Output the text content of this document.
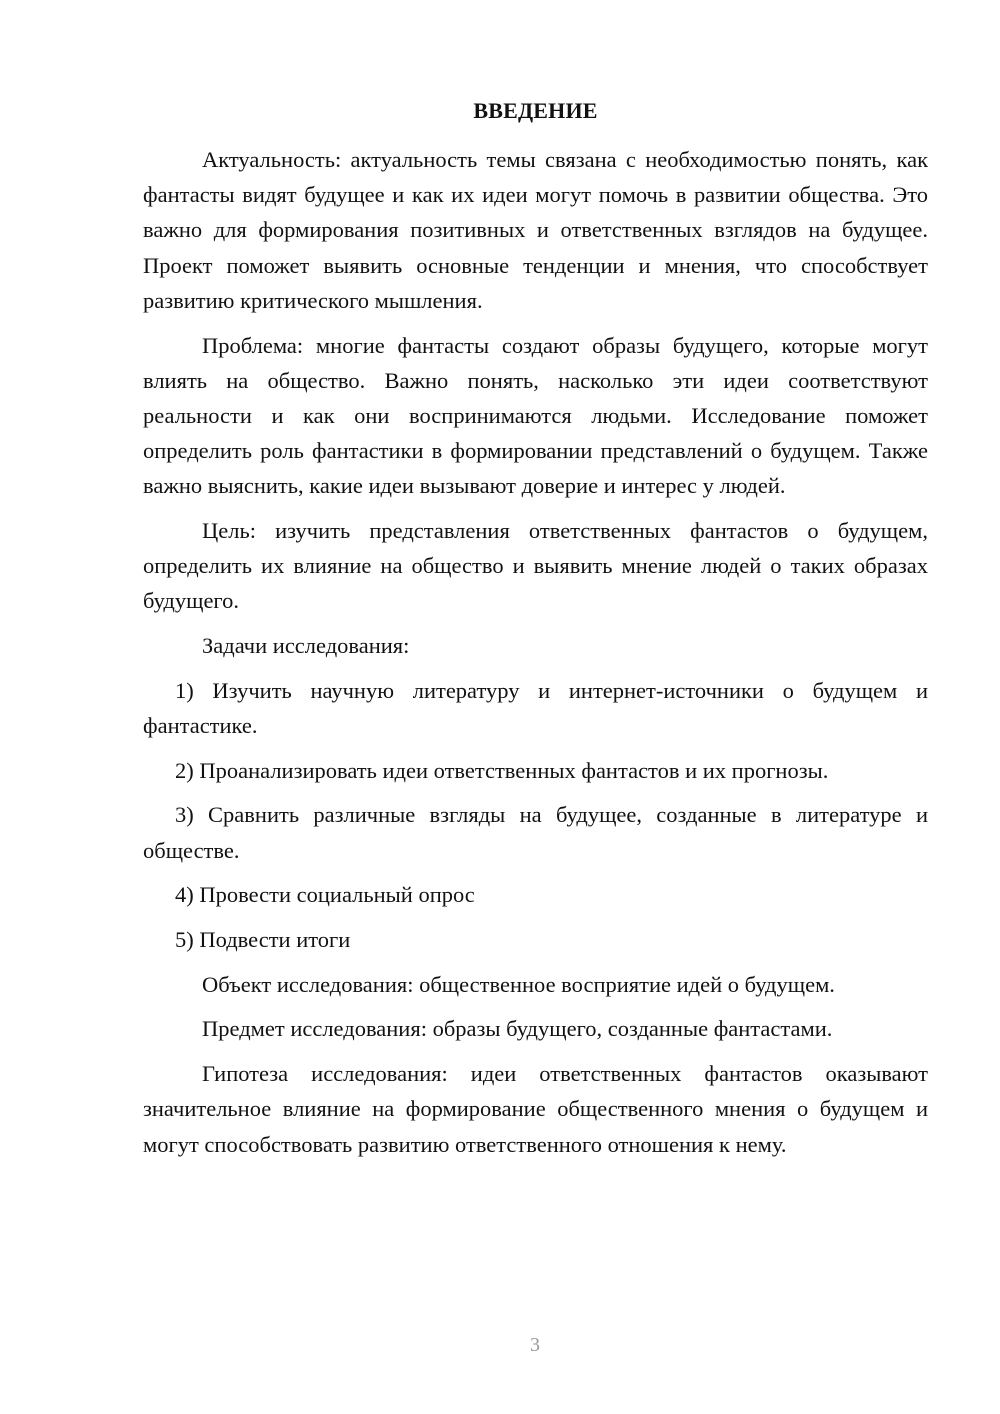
ВВЕДЕНИЕ

Актуальность: актуальность темы связана с необходимостью понять, как фантасты видят будущее и как их идеи могут помочь в развитии общества. Это важно для формирования позитивных и ответственных взглядов на будущее. Проект поможет выявить основные тенденции и мнения, что способствует развитию критического мышления.

Проблема: многие фантасты создают образы будущего, которые могут влиять на общество. Важно понять, насколько эти идеи соответствуют реальности и как они воспринимаются людьми. Исследование поможет определить роль фантастики в формировании представлений о будущем. Также важно выяснить, какие идеи вызывают доверие и интерес у людей.

Цель: изучить представления ответственных фантастов о будущем, определить их влияние на общество и выявить мнение людей о таких образах будущего.

Задачи исследования:

1) Изучить научную литературу и интернет-источники о будущем и фантастике.

2) Проанализировать идеи ответственных фантастов и их прогнозы.

3) Сравнить различные взгляды на будущее, созданные в литературе и обществе.

4) Провести социальный опрос

5) Подвести итоги

Объект исследования: общественное восприятие идей о будущем.

Предмет исследования: образы будущего, созданные фантастами.

Гипотеза исследования: идеи ответственных фантастов оказывают значительное влияние на формирование общественного мнения о будущем и могут способствовать развитию ответственного отношения к нему.

3
